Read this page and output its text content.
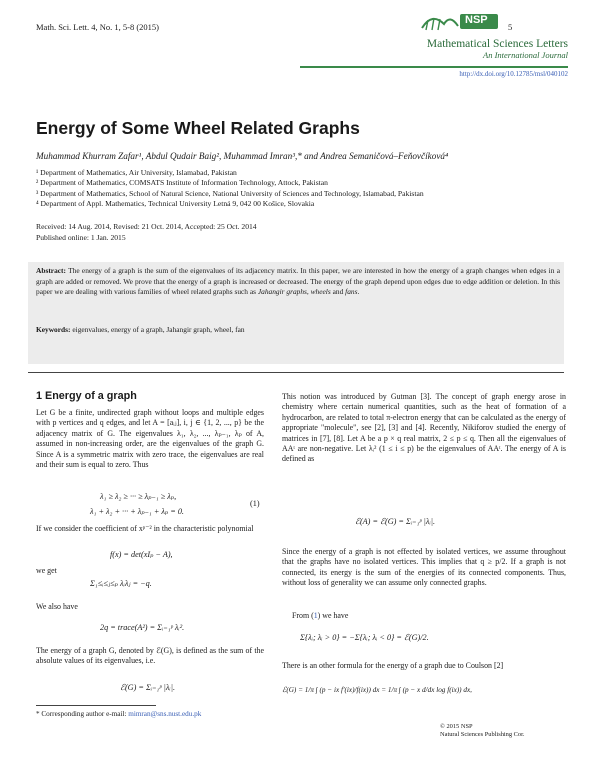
Math. Sci. Lett. 4, No. 1, 5-8 (2015)	5
NSP
Mathematical Sciences Letters
An International Journal
http://dx.doi.org/10.12785/msl/040102
Energy of Some Wheel Related Graphs
Muhammad Khurram Zafar¹, Abdul Qudair Baig², Muhammad Imran³,* and Andrea Semaničová–Feňovčíková⁴
¹ Department of Mathematics, Air University, Islamabad, Pakistan
² Department of Mathematics, COMSATS Institute of Information Technology, Attock, Pakistan
³ Department of Mathematics, School of Natural Science, National University of Sciences and Technology, Islamabad, Pakistan
⁴ Department of Appl. Mathematics, Technical University Letná 9, 042 00 Košice, Slovakia
Received: 14 Aug. 2014, Revised: 21 Oct. 2014, Accepted: 25 Oct. 2014
Published online: 1 Jan. 2015
Abstract: The energy of a graph is the sum of the eigenvalues of its adjacency matrix. In this paper, we are interested in how the energy of a graph changes when edges in a graph are added or removed. We prove that the energy of a graph is increased or decreased. The energy of the graph depend upon edges due to edge addition or deletion. In this paper we are dealing with various families of wheel related graphs such as Jahangir graphs, wheels and fans.
Keywords: eigenvalues, energy of a graph, Jahangir graph, wheel, fan
1 Energy of a graph
Let G be a finite, undirected graph without loops and multiple edges with p vertices and q edges, and let A = [aᵢⱼ], i, j ∈ {1, 2, ..., p} be the adjacency matrix of G. The eigenvalues λ₁, λ₂, ..., λₚ₋₁, λₚ of A, assumed in non-increasing order, are the eigenvalues of the graph G. Since A is a symmetric matrix with zero trace, the eigenvalues are real and their sum is equal to zero. Thus
λ₁ ≥ λ₂ ≥ ··· ≥ λₚ₋₁ ≥ λₚ,
λ₁ + λ₂ + ··· + λₚ₋₁ + λₚ = 0.
(1)
If we consider the coefficient of xᵖ⁻² in the characteristic polynomial
f(x) = det(xIₚ − A),
we get
Σ₁≤ᵢ≤ⱼ≤ₚ λᵢλⱼ = −q.
We also have
2q = trace(A²) = Σᵢ₌₁ᵖ λᵢ².
The energy of a graph G, denoted by ℰ(G), is defined as the sum of the absolute values of its eigenvalues, i.e.
ℰ(G) = Σᵢ₌₁ᵖ |λᵢ|.
This notion was introduced by Gutman [3]. The concept of graph energy arose in chemistry where certain numerical quantities, such as the heat of formation of a hydrocarbon, are related to total π-electron energy that can be calculated as the energy of appropriate "molecule", see [2], [3] and [4]. Recently, Nikiforov studied the energy of matrices in [7], [8]. Let A be a p × q real matrix, 2 ≤ p ≤ q. Then all the eigenvalues of AAᵗ are non-negative. Let λᵢ² (1 ≤ i ≤ p) be the eigenvalues of AAᵗ. The energy of A is defined as
ℰ(A) = ℰ(G) = Σᵢ₌₁ᵖ |λᵢ|.
Since the energy of a graph is not effected by isolated vertices, we assume throughout that the graphs have no isolated vertices. This implies that q ≥ p/2. If a graph is not connected, its energy is the sum of the energies of its connected components. Thus, without loss of generality we can assume only connected graphs.
From (1) we have
Σ{λᵢ; λᵢ > 0} = −Σ{λᵢ; λᵢ < 0} = ℰ(G)/2.
There is an other formula for the energy of a graph due to Coulson [2]
ℰ(G) = 1/π ∫ (p − ix f′(ix)/f(ix)) dx = 1/π ∫ (p − x d/dx log f(ix)) dx,
* Corresponding author e-mail: mimran@sns.nust.edu.pk
© 2015 NSP
Natural Sciences Publishing Cor.
